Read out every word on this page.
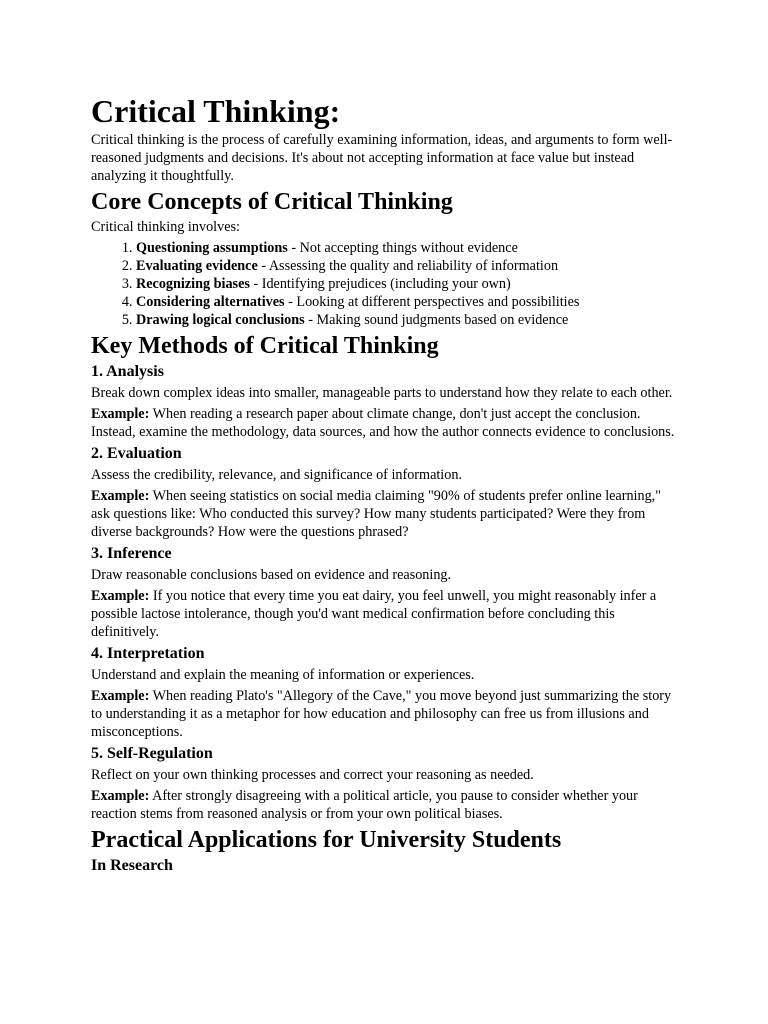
Critical Thinking:

Critical thinking is the process of carefully examining information, ideas, and arguments to form well-reasoned judgments and decisions. It's about not accepting information at face value but instead analyzing it thoughtfully.

Core Concepts of Critical Thinking

Critical thinking involves:

1. Questioning assumptions - Not accepting things without evidence
2. Evaluating evidence - Assessing the quality and reliability of information
3. Recognizing biases - Identifying prejudices (including your own)
4. Considering alternatives - Looking at different perspectives and possibilities
5. Drawing logical conclusions - Making sound judgments based on evidence
Key Methods of Critical Thinking
1. Analysis

Break down complex ideas into smaller, manageable parts to understand how they relate to each other.

Example: When reading a research paper about climate change, don't just accept the conclusion. Instead, examine the methodology, data sources, and how the author connects evidence to conclusions.

2. Evaluation

Assess the credibility, relevance, and significance of information.

Example: When seeing statistics on social media claiming "90% of students prefer online learning," ask questions like: Who conducted this survey? How many students participated? Were they from diverse backgrounds? How were the questions phrased?

3. Inference

Draw reasonable conclusions based on evidence and reasoning.

Example: If you notice that every time you eat dairy, you feel unwell, you might reasonably infer a possible lactose intolerance, though you'd want medical confirmation before concluding this definitively.

4. Interpretation

Understand and explain the meaning of information or experiences.

Example: When reading Plato's "Allegory of the Cave," you move beyond just summarizing the story to understanding it as a metaphor for how education and philosophy can free us from illusions and misconceptions.

5. Self-Regulation

Reflect on your own thinking processes and correct your reasoning as needed.

Example: After strongly disagreeing with a political article, you pause to consider whether your reaction stems from reasoned analysis or from your own political biases.

Practical Applications for University Students
In Research
